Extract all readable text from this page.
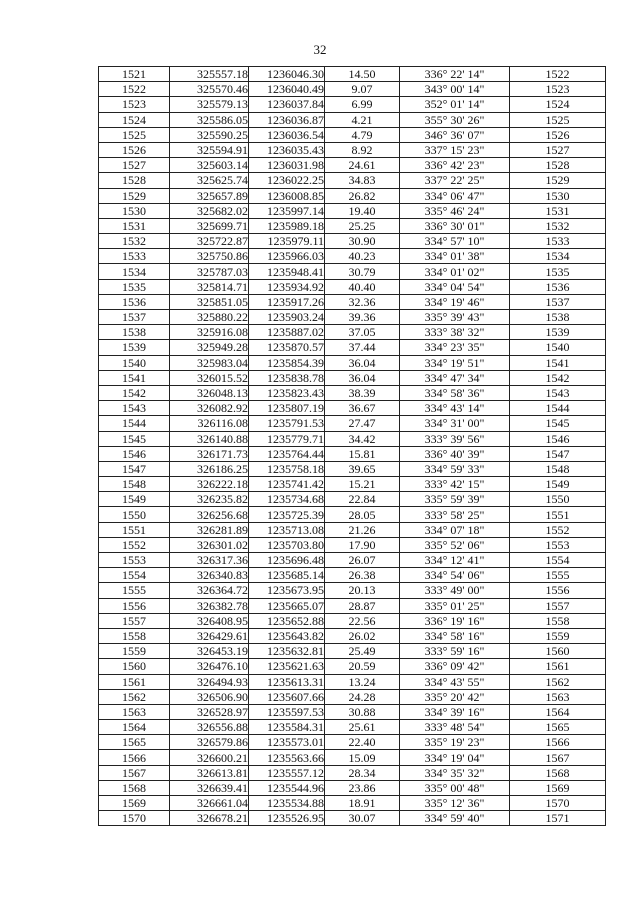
32
1521	325557.18	1236046.30	14.50	336° 22' 14"	1522
1522	325570.46	1236040.49	9.07	343° 00' 14"	1523
1523	325579.13	1236037.84	6.99	352° 01' 14"	1524
1524	325586.05	1236036.87	4.21	355° 30' 26"	1525
1525	325590.25	1236036.54	4.79	346° 36' 07"	1526
1526	325594.91	1236035.43	8.92	337° 15' 23"	1527
1527	325603.14	1236031.98	24.61	336° 42' 23"	1528
1528	325625.74	1236022.25	34.83	337° 22' 25"	1529
1529	325657.89	1236008.85	26.82	334° 06' 47"	1530
1530	325682.02	1235997.14	19.40	335° 46' 24"	1531
1531	325699.71	1235989.18	25.25	336° 30' 01"	1532
1532	325722.87	1235979.11	30.90	334° 57' 10"	1533
1533	325750.86	1235966.03	40.23	334° 01' 38"	1534
1534	325787.03	1235948.41	30.79	334° 01' 02"	1535
1535	325814.71	1235934.92	40.40	334° 04' 54"	1536
1536	325851.05	1235917.26	32.36	334° 19' 46"	1537
1537	325880.22	1235903.24	39.36	335° 39' 43"	1538
1538	325916.08	1235887.02	37.05	333° 38' 32"	1539
1539	325949.28	1235870.57	37.44	334° 23' 35"	1540
1540	325983.04	1235854.39	36.04	334° 19' 51"	1541
1541	326015.52	1235838.78	36.04	334° 47' 34"	1542
1542	326048.13	1235823.43	38.39	334° 58' 36"	1543
1543	326082.92	1235807.19	36.67	334° 43' 14"	1544
1544	326116.08	1235791.53	27.47	334° 31' 00"	1545
1545	326140.88	1235779.71	34.42	333° 39' 56"	1546
1546	326171.73	1235764.44	15.81	336° 40' 39"	1547
1547	326186.25	1235758.18	39.65	334° 59' 33"	1548
1548	326222.18	1235741.42	15.21	333° 42' 15"	1549
1549	326235.82	1235734.68	22.84	335° 59' 39"	1550
1550	326256.68	1235725.39	28.05	333° 58' 25"	1551
1551	326281.89	1235713.08	21.26	334° 07' 18"	1552
1552	326301.02	1235703.80	17.90	335° 52' 06"	1553
1553	326317.36	1235696.48	26.07	334° 12' 41"	1554
1554	326340.83	1235685.14	26.38	334° 54' 06"	1555
1555	326364.72	1235673.95	20.13	333° 49' 00"	1556
1556	326382.78	1235665.07	28.87	335° 01' 25"	1557
1557	326408.95	1235652.88	22.56	336° 19' 16"	1558
1558	326429.61	1235643.82	26.02	334° 58' 16"	1559
1559	326453.19	1235632.81	25.49	333° 59' 16"	1560
1560	326476.10	1235621.63	20.59	336° 09' 42"	1561
1561	326494.93	1235613.31	13.24	334° 43' 55"	1562
1562	326506.90	1235607.66	24.28	335° 20' 42"	1563
1563	326528.97	1235597.53	30.88	334° 39' 16"	1564
1564	326556.88	1235584.31	25.61	333° 48' 54"	1565
1565	326579.86	1235573.01	22.40	335° 19' 23"	1566
1566	326600.21	1235563.66	15.09	334° 19' 04"	1567
1567	326613.81	1235557.12	28.34	334° 35' 32"	1568
1568	326639.41	1235544.96	23.86	335° 00' 48"	1569
1569	326661.04	1235534.88	18.91	335° 12' 36"	1570
1570	326678.21	1235526.95	30.07	334° 59' 40"	1571
